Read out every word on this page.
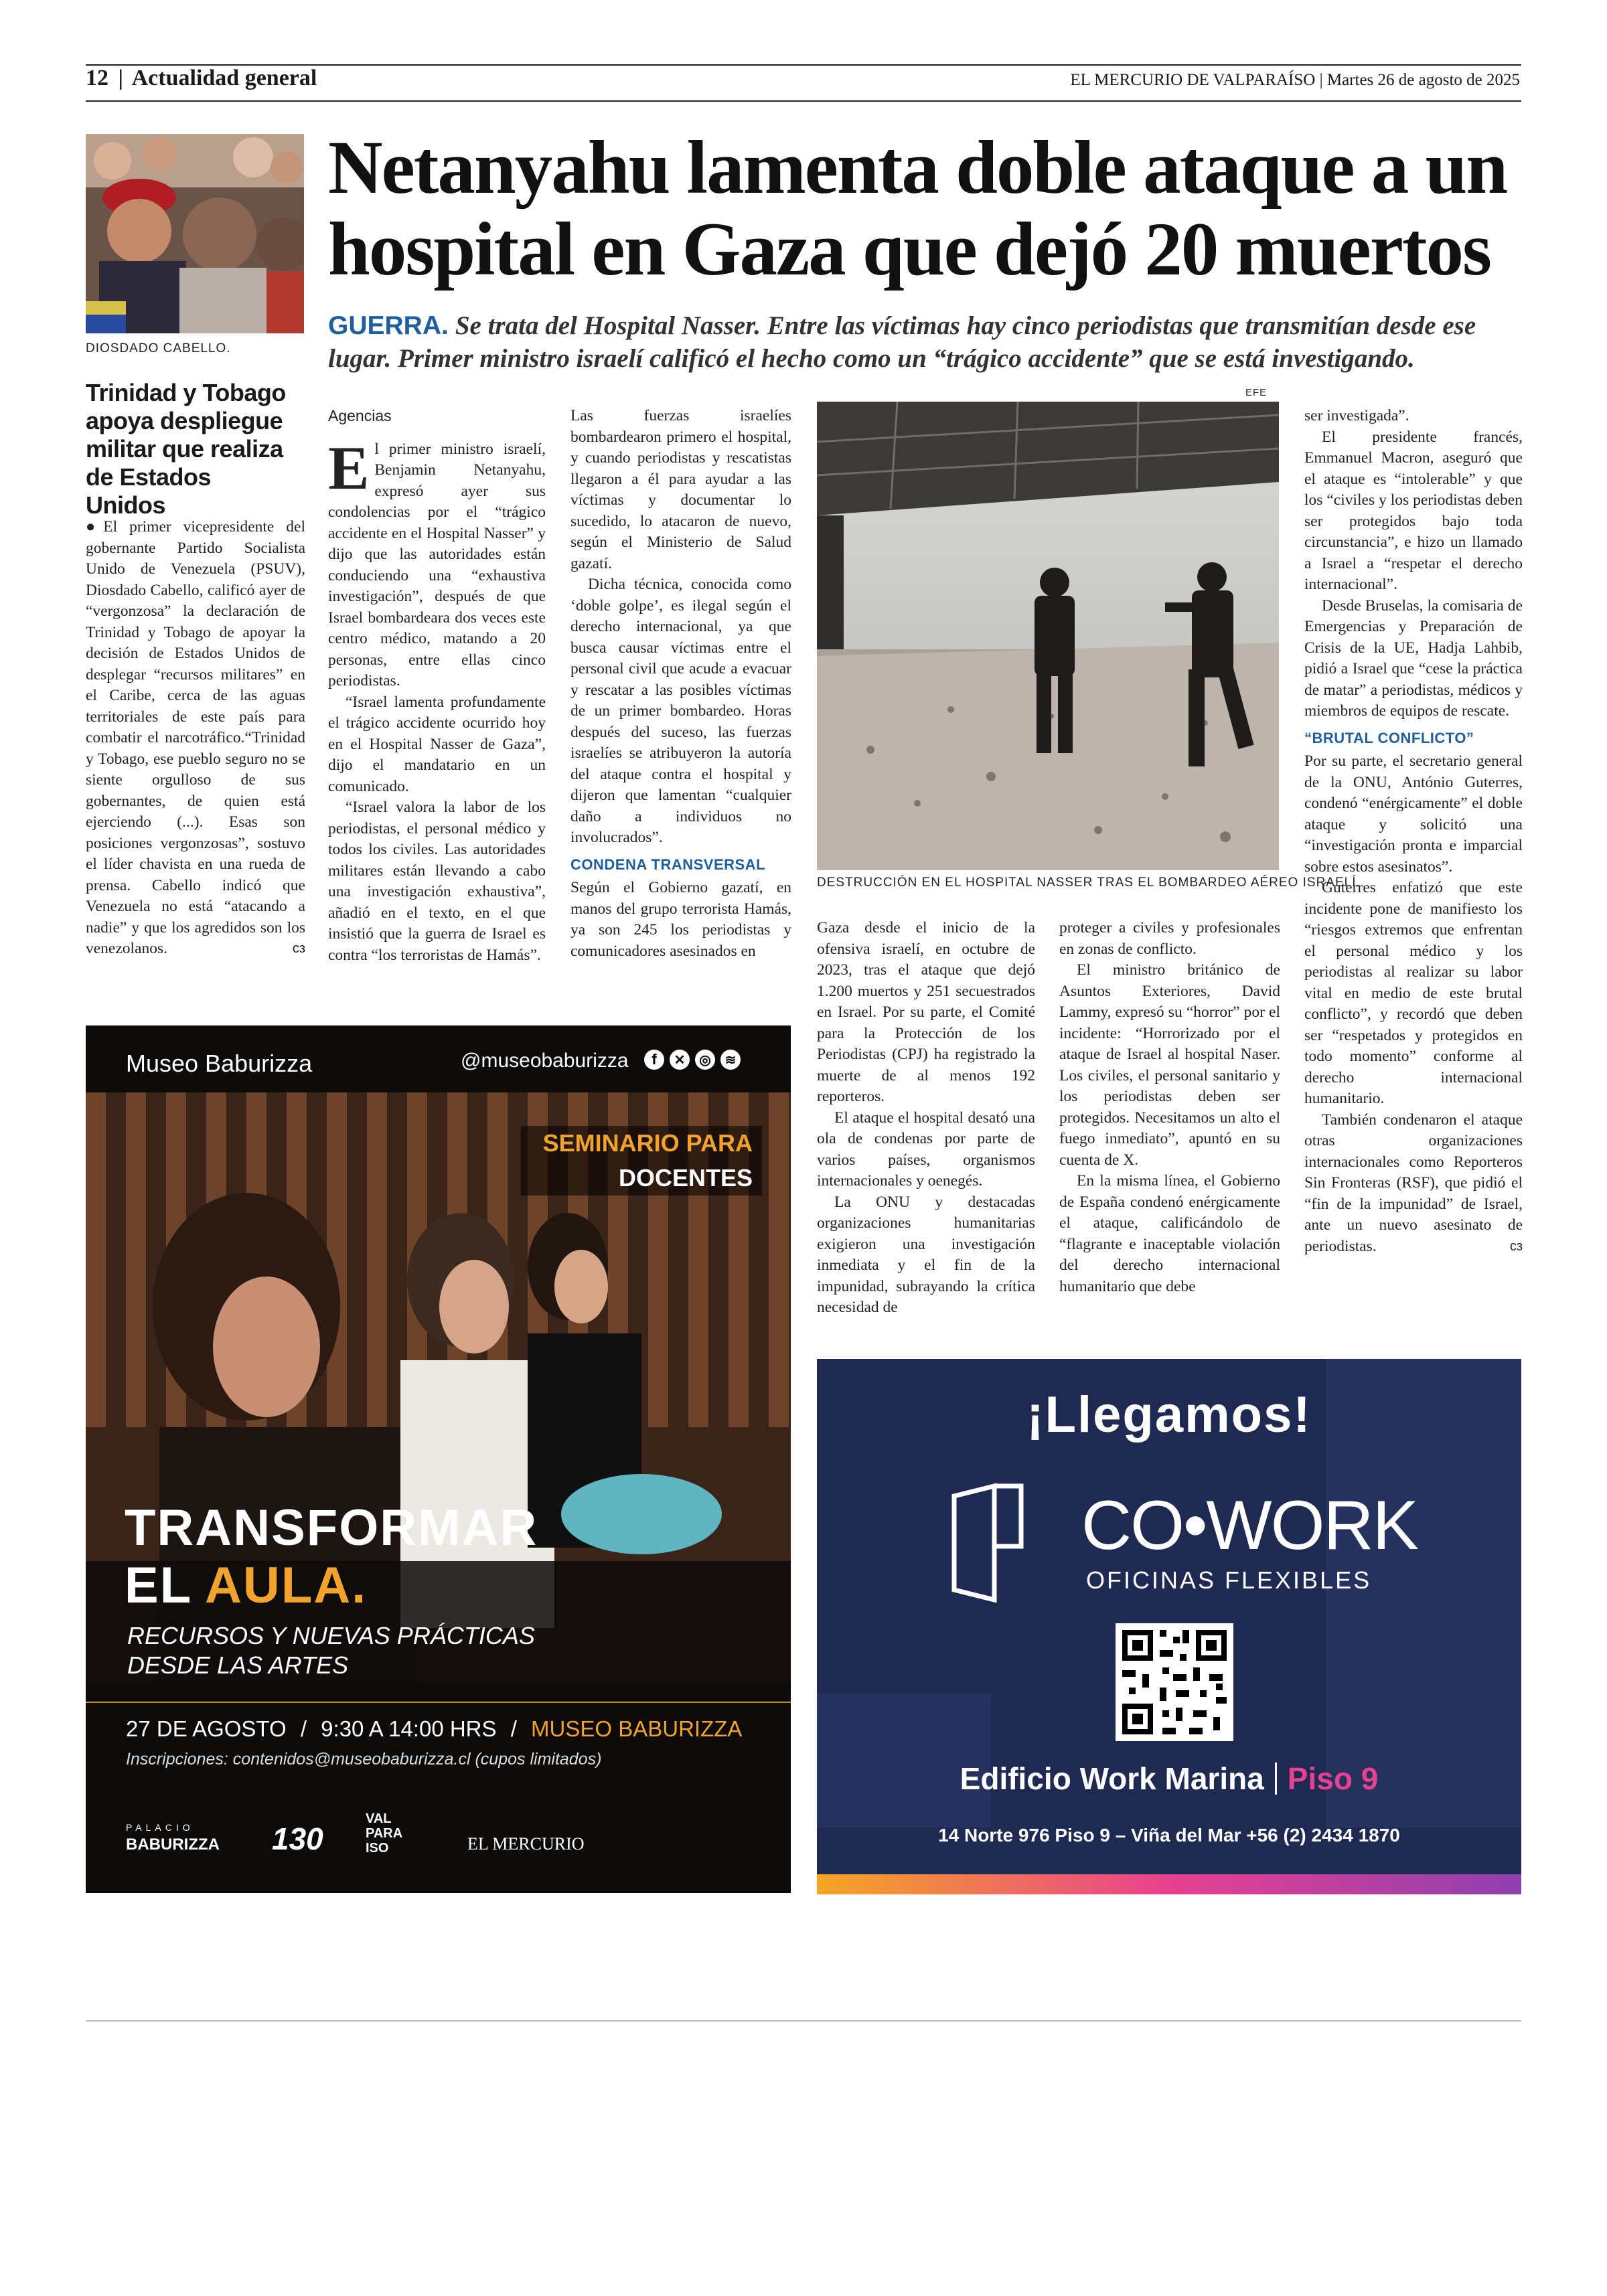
12 | Actualidad general	EL MERCURIO DE VALPARAÍSO | Martes 26 de agosto de 2025
DIOSDADO CABELLO.
Trinidad y Tobago apoya despliegue militar que realiza de Estados Unidos

●El primer vicepresidente del gobernante Partido Socialista Unido de Venezuela (PSUV), Diosdado Cabello, calificó ayer de “vergonzosa” la declaración de Trinidad y Tobago de apoyar la decisión de Estados Unidos de desplegar “recursos militares” en el Caribe, cerca de las aguas territoriales de este país para combatir el narcotráfico.“Trinidad y Tobago, ese pueblo seguro no se siente orgulloso de sus gobernantes, de quien está ejerciendo (...). Esas son posiciones vergonzosas”, sostuvo el líder chavista en una rueda de prensa. Cabello indicó que Venezuela no está “atacando a nadie” y que los agredidos son los venezolanos.	cз

Netanyahu lamenta doble ataque a un hospital en Gaza que dejó 20 muertos
GUERRA. Se trata del Hospital Nasser. Entre las víctimas hay cinco periodistas que transmitían desde ese lugar. Primer ministro israelí calificó el hecho como un “trágico accidente” que se está investigando.
Agencias

El primer ministro israelí, Benjamin Netanyahu, expresó ayer sus condolencias por el “trágico accidente en el Hospital Nasser” y dijo que las autoridades están conduciendo una “exhaustiva investigación”, después de que Israel bombardeara dos veces este centro médico, matando a 20 personas, entre ellas cinco periodistas.

“Israel lamenta profundamente el trágico accidente ocurrido hoy en el Hospital Nasser de Gaza”, dijo el mandatario en un comunicado.

“Israel valora la labor de los periodistas, el personal médico y todos los civiles. Las autoridades militares están llevando a cabo una investigación exhaustiva”, añadió en el texto, en el que insistió que la guerra de Israel es contra “los terroristas de Hamás”.

Las fuerzas israelíes bombardearon primero el hospital, y cuando periodistas y rescatistas llegaron a él para ayudar a las víctimas y documentar lo sucedido, lo atacaron de nuevo, según el Ministerio de Salud gazatí.

Dicha técnica, conocida como ‘doble golpe’, es ilegal según el derecho internacional, ya que busca causar víctimas entre el personal civil que acude a evacuar y rescatar a las posibles víctimas de un primer bombardeo. Horas después del suceso, las fuerzas israelíes se atribuyeron la autoría del ataque contra el hospital y dijeron que lamentan “cualquier daño a individuos no involucrados”.

CONDENA TRANSVERSAL

Según el Gobierno gazatí, en manos del grupo terrorista Hamás, ya son 245 los periodistas y comunicadores asesinados en

EFE
DESTRUCCIÓN EN EL HOSPITAL NASSER TRAS EL BOMBARDEO AÉREO ISRAELÍ.

Gaza desde el inicio de la ofensiva israelí, en octubre de 2023, tras el ataque que dejó 1.200 muertos y 251 secuestrados en Israel. Por su parte, el Comité para la Protección de los Periodistas (CPJ) ha registrado la muerte de al menos 192 reporteros.

El ataque el hospital desató una ola de condenas por parte de varios países, organismos internacionales y oenegés.

La ONU y destacadas organizaciones humanitarias exigieron una investigación inmediata y el fin de la impunidad, subrayando la crítica necesidad de

proteger a civiles y profesionales en zonas de conflicto.

El ministro británico de Asuntos Exteriores, David Lammy, expresó su “horror” por el incidente: “Horrorizado por el ataque de Israel al hospital Naser. Los civiles, el personal sanitario y los periodistas deben ser protegidos. Necesitamos un alto el fuego inmediato”, apuntó en su cuenta de X.

En la misma línea, el Gobierno de España condenó enérgicamente el ataque, calificándolo de “flagrante e inaceptable violación del derecho internacional humanitario que debe

ser investigada”.

El presidente francés, Emmanuel Macron, aseguró que el ataque es “intolerable” y que los “civiles y los periodistas deben ser protegidos bajo toda circunstancia”, e hizo un llamado a Israel a “respetar el derecho internacional”.

Desde Bruselas, la comisaria de Emergencias y Preparación de Crisis de la UE, Hadja Lahbib, pidió a Israel que “cese la práctica de matar” a periodistas, médicos y miembros de equipos de rescate.

“BRUTAL CONFLICTO”

Por su parte, el secretario general de la ONU, António Guterres, condenó “enérgicamente” el doble ataque y solicitó una “investigación pronta e imparcial sobre estos asesinatos”.

Guterres enfatizó que este incidente pone de manifiesto los “riesgos extremos que enfrentan el personal médico y los periodistas al realizar su labor vital en medio de este brutal conflicto”, y recordó que deben ser “respetados y protegidos en todo momento” conforme al derecho internacional humanitario.

También condenaron el ataque otras organizaciones internacionales como Reporteros Sin Fronteras (RSF), que pidió el “fin de la impunidad” de Israel, ante un nuevo asesinato de periodistas.	cз

Museo Baburizza	@museobaburizza	f	✕	◎	≋
SEMINARIO PARA
DOCENTES
TRANSFORMAR
EL AULA.
RECURSOS Y NUEVAS PRÁCTICAS
DESDE LAS ARTES
27 DE AGOSTO / 9:30 A 14:00 HRS / MUSEO BABURIZZA
Inscripciones: contenidos@museobaburizza.cl (cupos limitados)
PALACIO
BABURIZZA 130
VAL PARA ISO	EL MERCURIO
¡Llegamos!
CO•WORK
OFICINAS FLEXIBLES
Edificio Work Marina Piso 9
14 Norte 976 Piso 9 – Viña del Mar +56 (2) 2434 1870
